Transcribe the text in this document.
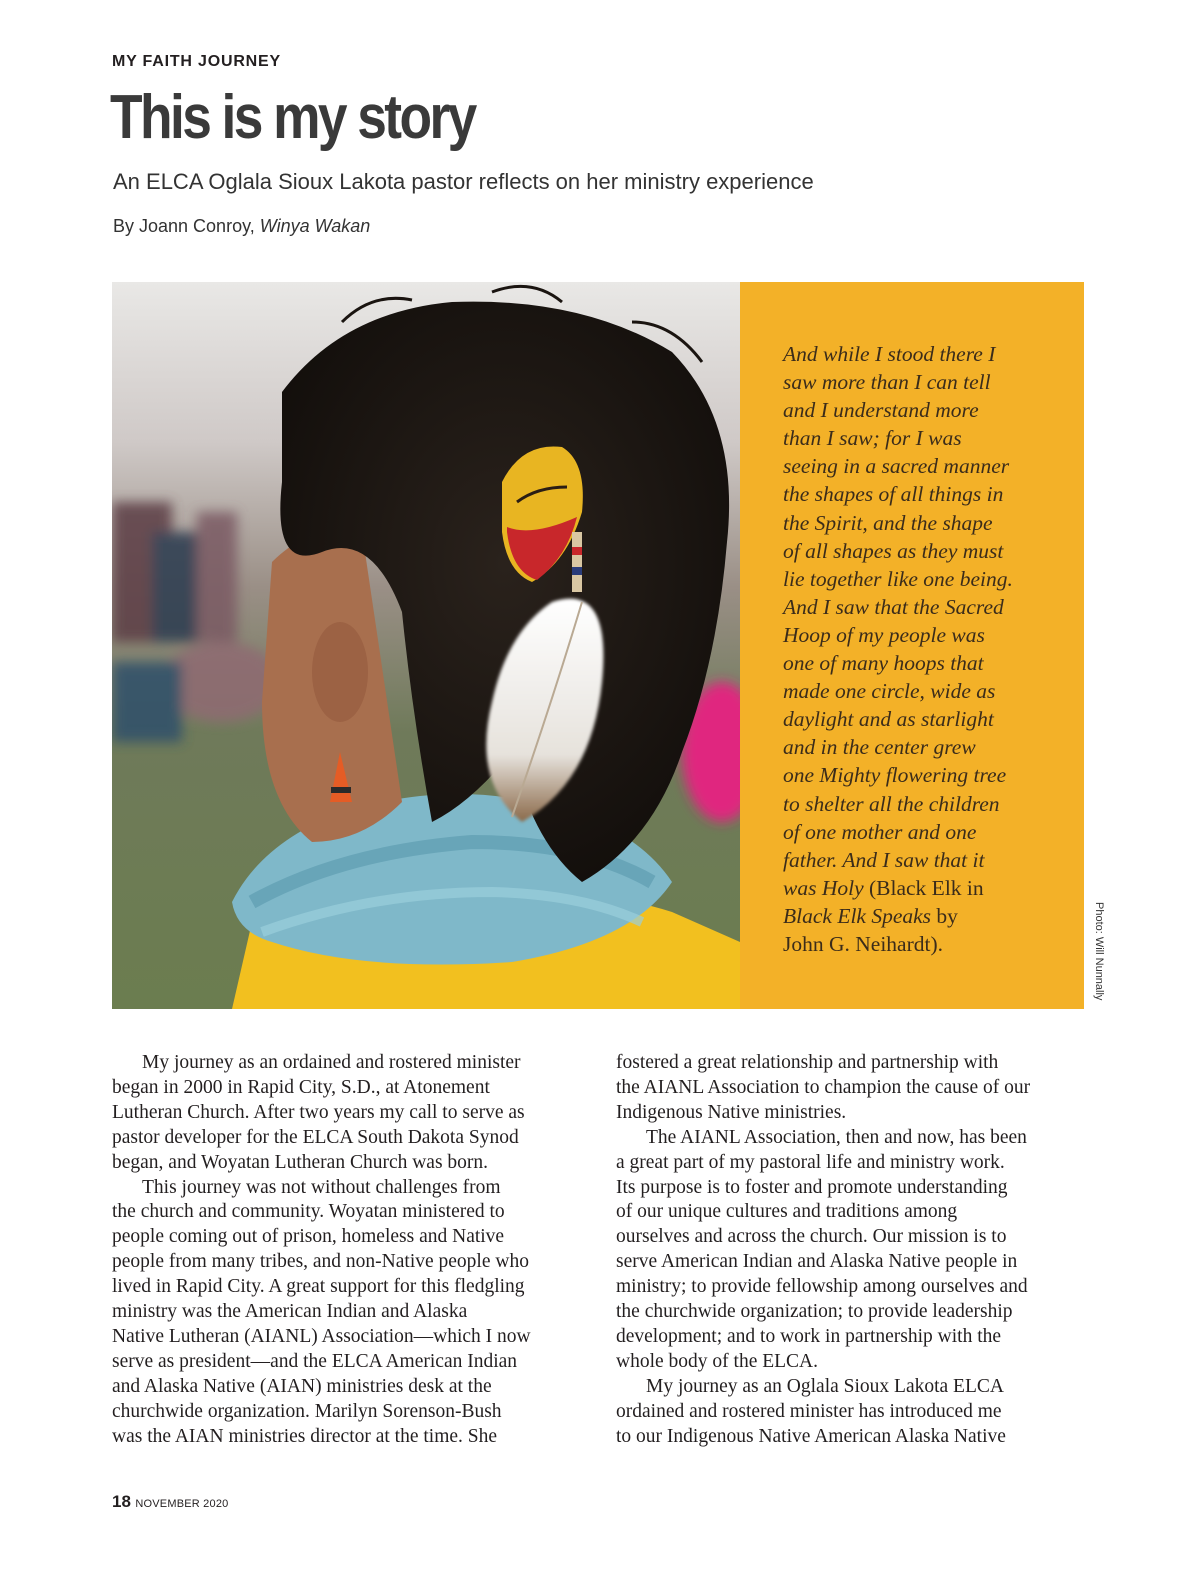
MY FAITH JOURNEY
This is my story
An ELCA Oglala Sioux Lakota pastor reflects on her ministry experience
By Joann Conroy, Winya Wakan

And while I stood there I
saw more than I can tell
and I understand more
than I saw; for I was
seeing in a sacred manner
the shapes of all things in
the Spirit, and the shape
of all shapes as they must
lie together like one being.
And I saw that the Sacred
Hoop of my people was
one of many hoops that
made one circle, wide as
daylight and as starlight
and in the center grew
one Mighty flowering tree
to shelter all the children
of one mother and one
father. And I saw that it
was Holy (Black Elk in
Black Elk Speaks by
John G. Neihardt).	Photo: Will Nunnally
My journey as an ordained and rostered minister
began in 2000 in Rapid City, S.D., at Atonement
Lutheran Church. After two years my call to serve as
pastor developer for the ELCA South Dakota Synod
began, and Woyatan Lutheran Church was born.
This journey was not without challenges from
the church and community. Woyatan ministered to
people coming out of prison, homeless and Native
people from many tribes, and non-Native people who
lived in Rapid City. A great support for this fledgling
ministry was the American Indian and Alaska
Native Lutheran (AIANL) Association—which I now
serve as president—and the ELCA American Indian
and Alaska Native (AIAN) ministries desk at the
churchwide organization. Marilyn Sorenson-Bush
was the AIAN ministries director at the time. She
fostered a great relationship and partnership with
the AIANL Association to champion the cause of our
Indigenous Native ministries.
The AIANL Association, then and now, has been
a great part of my pastoral life and ministry work.
Its purpose is to foster and promote understanding
of our unique cultures and traditions among
ourselves and across the church. Our mission is to
serve American Indian and Alaska Native people in
ministry; to provide fellowship among ourselves and
the churchwide organization; to provide leadership
development; and to work in partnership with the
whole body of the ELCA.
My journey as an Oglala Sioux Lakota ELCA
ordained and rostered minister has introduced me
to our Indigenous Native American Alaska Native
18 NOVEMBER 2020
